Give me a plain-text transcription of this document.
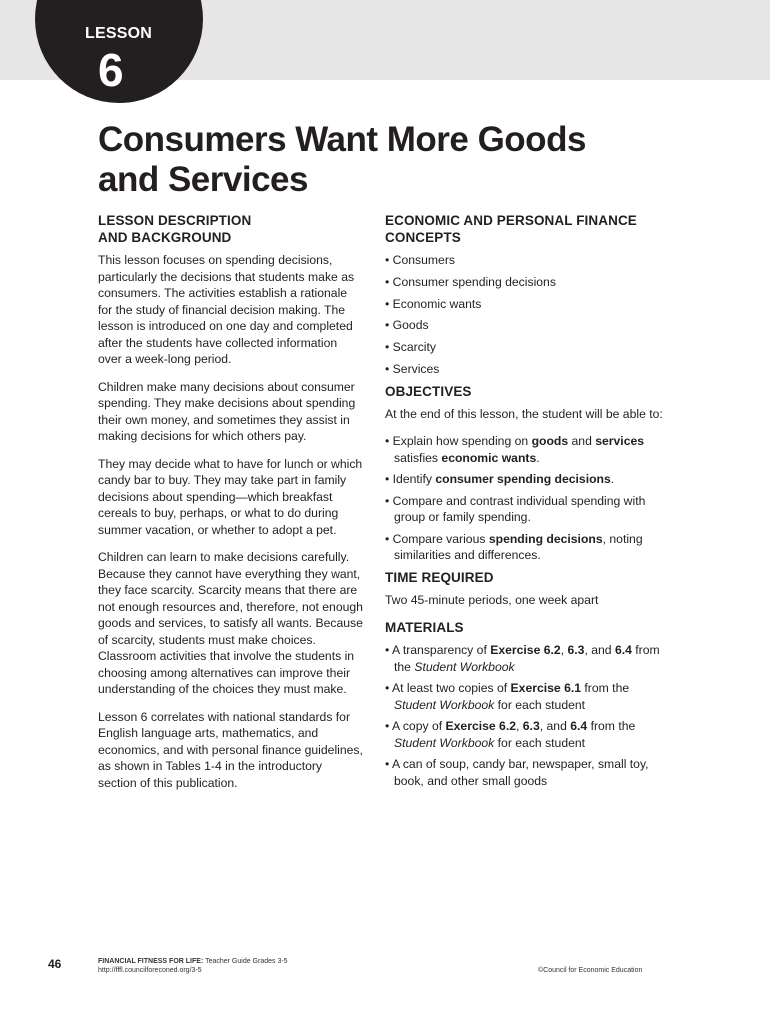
LESSON
6
Consumers Want More Goods
and Services
LESSON DESCRIPTION
AND BACKGROUND

This lesson focuses on spending decisions, particularly the decisions that students make as consumers. The activities establish a rationale for the study of financial decision making. The lesson is introduced on one day and completed after the students have collected information over a week-long period.

Children make many decisions about consumer spending. They make decisions about spending their own money, and sometimes they assist in making decisions for which others pay.

They may decide what to have for lunch or which candy bar to buy. They may take part in family decisions about spending—which breakfast cereals to buy, perhaps, or what to do during summer vacation, or whether to adopt a pet.

Children can learn to make decisions carefully. Because they cannot have everything they want, they face scarcity. Scarcity means that there are not enough resources and, therefore, not enough goods and services, to satisfy all wants. Because of scarcity, students must make choices. Classroom activities that involve the students in choosing among alternatives can improve their understanding of the choices they must make.

Lesson 6 correlates with national standards for English language arts, mathematics, and economics, and with personal finance guidelines, as shown in Tables 1-4 in the introductory section of this publication.

ECONOMIC AND PERSONAL FINANCE
CONCEPTS
• Consumers
• Consumer spending decisions
• Economic wants
• Goods
• Scarcity
• Services
OBJECTIVES

At the end of this lesson, the student will be able to:

• Explain how spending on goods and services satisfies economic wants.
• Identify consumer spending decisions.
• Compare and contrast individual spending with group or family spending.
• Compare various spending decisions, noting similarities and differences.
TIME REQUIRED

Two 45-minute periods, one week apart

MATERIALS
• A transparency of Exercise 6.2, 6.3, and 6.4 from the Student Workbook
• At least two copies of Exercise 6.1 from the Student Workbook for each student
• A copy of Exercise 6.2, 6.3, and 6.4 from the Student Workbook for each student
• A can of soup, candy bar, newspaper, small toy, book, and other small goods
46	FINANCIAL FITNESS FOR LIFE: Teacher Guide Grades 3-5
http://fffl.councilforeconed.org/3-5	©Council for Economic Education
